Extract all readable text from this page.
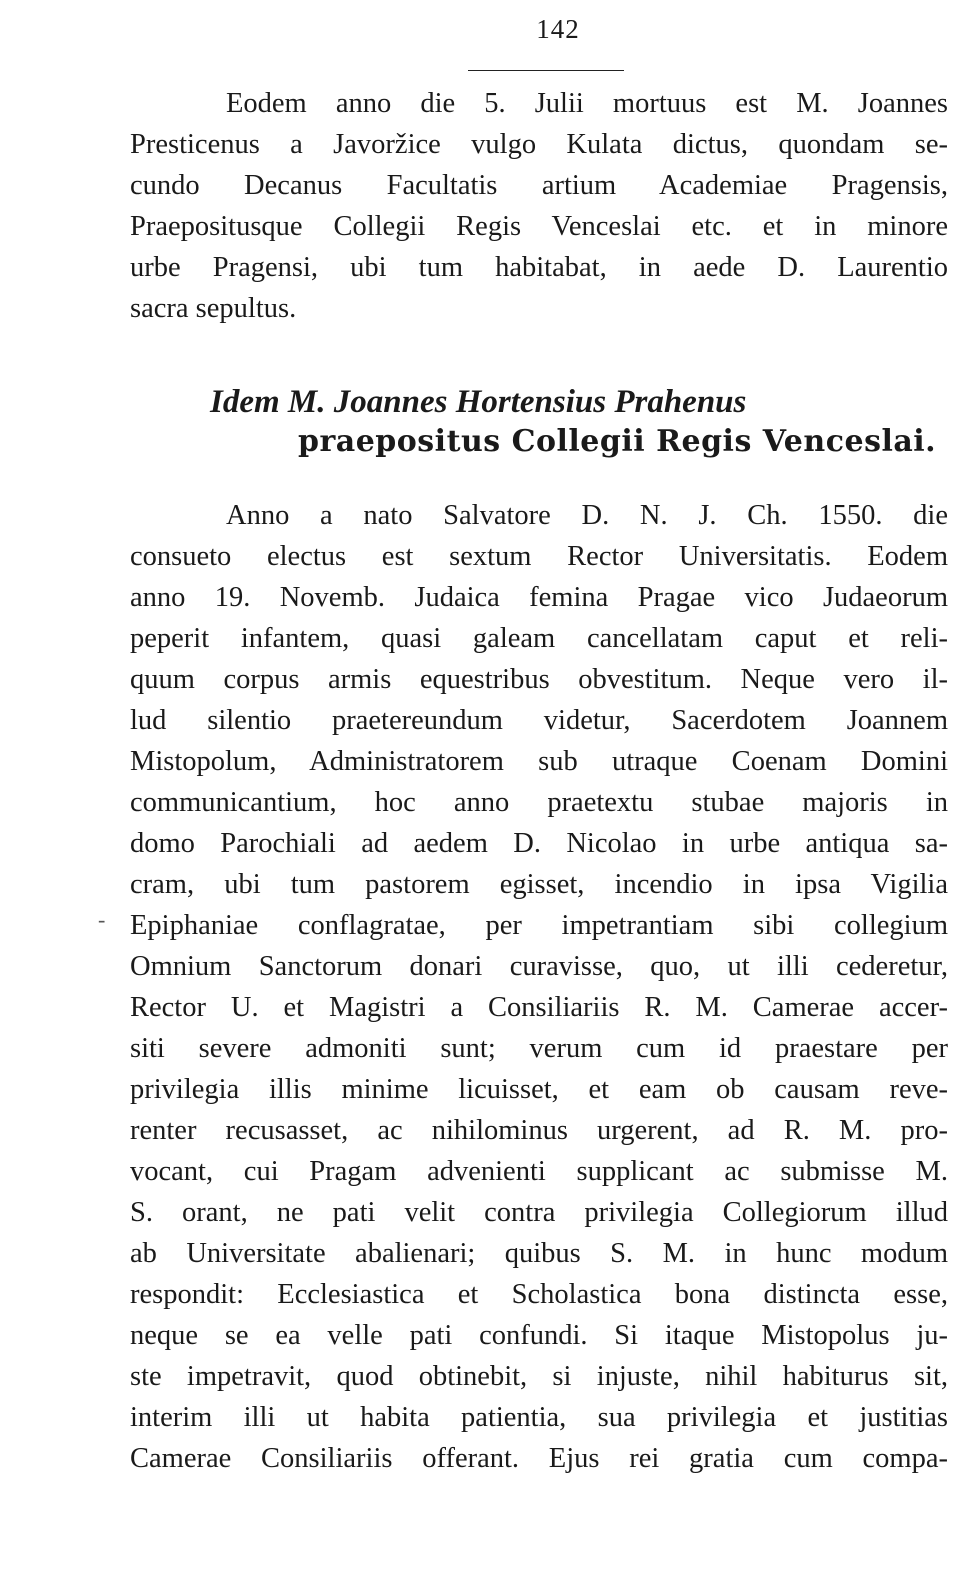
142
Eodem anno die 5. Julii mortuus est M. Joannes
Presticenus a Javoržice vulgo Kulata dictus, quondam se-
cundo Decanus Facultatis artium Academiae Pragensis,
Praepositusque Collegii Regis Venceslai etc. et in minore
urbe Pragensi, ubi tum habitabat, in aede D. Laurentio
sacra sepultus.
Idem M. Joannes Hortensius Prahenus
praepositus Collegii Regis Venceslai.
Anno a nato Salvatore D. N. J. Ch. 1550. die
consueto electus est sextum Rector Universitatis. Eodem
anno 19. Novemb. Judaica femina Pragae vico Judaeorum
peperit infantem, quasi galeam cancellatam caput et reli-
quum corpus armis equestribus obvestitum. Neque vero il-
lud silentio praetereundum videtur, Sacerdotem Joannem
Mistopolum, Administratorem sub utraque Coenam Domini
communicantium, hoc anno praetextu stubae majoris in
domo Parochiali ad aedem D. Nicolao in urbe antiqua sa-
cram, ubi tum pastorem egisset, incendio in ipsa Vigilia
Epiphaniae conflagratae, per impetrantiam sibi collegium
Omnium Sanctorum donari curavisse, quo, ut illi cederetur,
Rector U. et Magistri a Consiliariis R. M. Camerae accer-
siti severe admoniti sunt; verum cum id praestare per
privilegia illis minime licuisset, et eam ob causam reve-
renter recusasset, ac nihilominus urgerent, ad R. M. pro-
vocant, cui Pragam advenienti supplicant ac submisse M.
S. orant, ne pati velit contra privilegia Collegiorum illud
ab Universitate abalienari; quibus S. M. in hunc modum
respondit: Ecclesiastica et Scholastica bona distincta esse,
neque se ea velle pati confundi. Si itaque Mistopolus ju-
ste impetravit, quod obtinebit, si injuste, nihil habiturus sit,
interim illi ut habita patientia, sua privilegia et justitias
Camerae Consiliariis offerant. Ejus rei gratia cum compa-
-
